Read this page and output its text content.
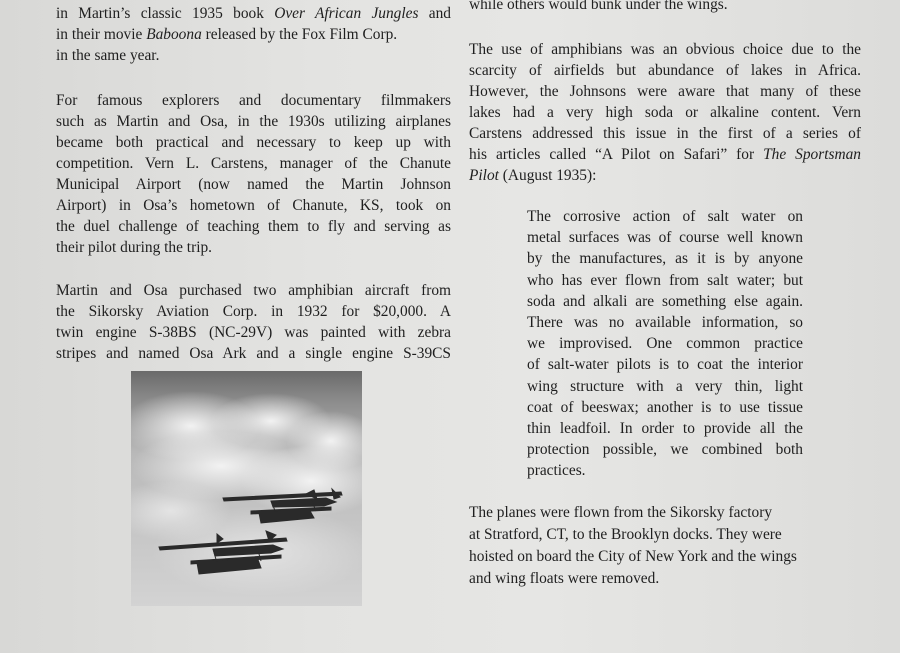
in Martin’s classic 1935 book Over African Jungles and
in their movie Baboona released by the Fox Film Corp.
in the same year.
For famous explorers and documentary filmmakers
such as Martin and Osa, in the 1930s utilizing airplanes
became both practical and necessary to keep up with
competition. Vern L. Carstens, manager of the Chanute
Municipal Airport (now named the Martin Johnson
Airport) in Osa’s hometown of Chanute, KS, took on
the duel challenge of teaching them to fly and serving as
their pilot during the trip.
Martin and Osa purchased two amphibian aircraft from
the Sikorsky Aviation Corp. in 1932 for $20,000. A
twin engine S-38BS (NC-29V) was painted with zebra
stripes and named Osa Ark and a single engine S-39CS
while others would bunk under the wings.
The use of amphibians was an obvious choice due to the
scarcity of airfields but abundance of lakes in Africa.
However, the Johnsons were aware that many of these
lakes had a very high soda or alkaline content. Vern
Carstens addressed this issue in the first of a series of
his articles called “A Pilot on Safari” for The Sportsman
Pilot (August 1935):
The corrosive action of salt water on
metal surfaces was of course well known
by the manufactures, as it is by anyone
who has ever flown from salt water; but
soda and alkali are something else again.
There was no available information, so
we improvised. One common practice
of salt-water pilots is to coat the interior
wing structure with a very thin, light
coat of beeswax; another is to use tissue
thin leadfoil. In order to provide all the
protection possible, we combined both
practices.
The planes were flown from the Sikorsky factory
at Stratford, CT, to the Brooklyn docks. They were
hoisted on board the City of New York and the wings
and wing floats were removed.
